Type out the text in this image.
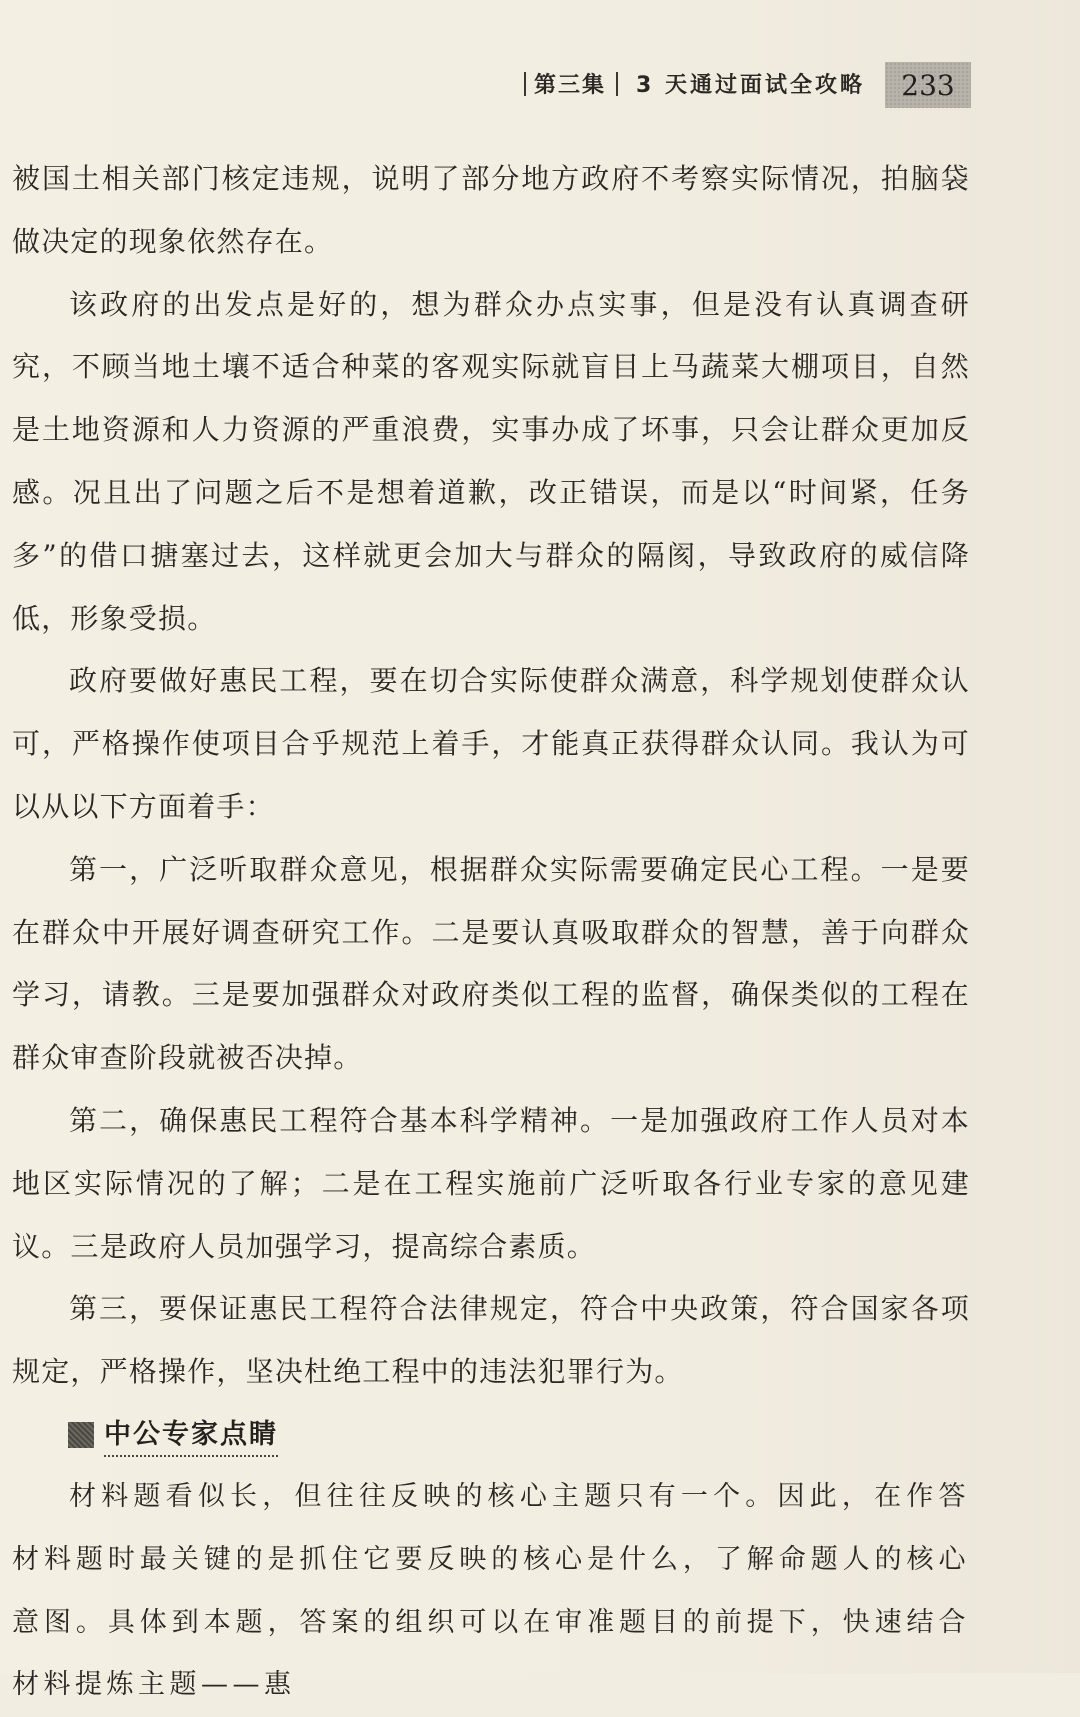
第三集 3 天通过面试全攻略 233

被国土相关部门核定违规，说明了部分地方政府不考察实际情况，拍脑袋做决定的现象依然存在。

该政府的出发点是好的，想为群众办点实事，但是没有认真调查研究，不顾当地土壤不适合种菜的客观实际就盲目上马蔬菜大棚项目，自然是土地资源和人力资源的严重浪费，实事办成了坏事，只会让群众更加反感。况且出了问题之后不是想着道歉，改正错误，而是以“时间紧，任务多”的借口搪塞过去，这样就更会加大与群众的隔阂，导致政府的威信降低，形象受损。

政府要做好惠民工程，要在切合实际使群众满意，科学规划使群众认可，严格操作使项目合乎规范上着手，才能真正获得群众认同。我认为可以从以下方面着手：

第一，广泛听取群众意见，根据群众实际需要确定民心工程。一是要在群众中开展好调查研究工作。二是要认真吸取群众的智慧，善于向群众学习，请教。三是要加强群众对政府类似工程的监督，确保类似的工程在群众审查阶段就被否决掉。

第二，确保惠民工程符合基本科学精神。一是加强政府工作人员对本地区实际情况的了解；二是在工程实施前广泛听取各行业专家的意见建议。三是政府人员加强学习，提高综合素质。

第三，要保证惠民工程符合法律规定，符合中央政策，符合国家各项规定，严格操作，坚决杜绝工程中的违法犯罪行为。

中公专家点睛

材料题看似长，但往往反映的核心主题只有一个。因此，在作答材料题时最关键的是抓住它要反映的核心是什么，了解命题人的核心意图。具体到本题，答案的组织可以在审准题目的前提下，快速结合材料提炼主题——惠
